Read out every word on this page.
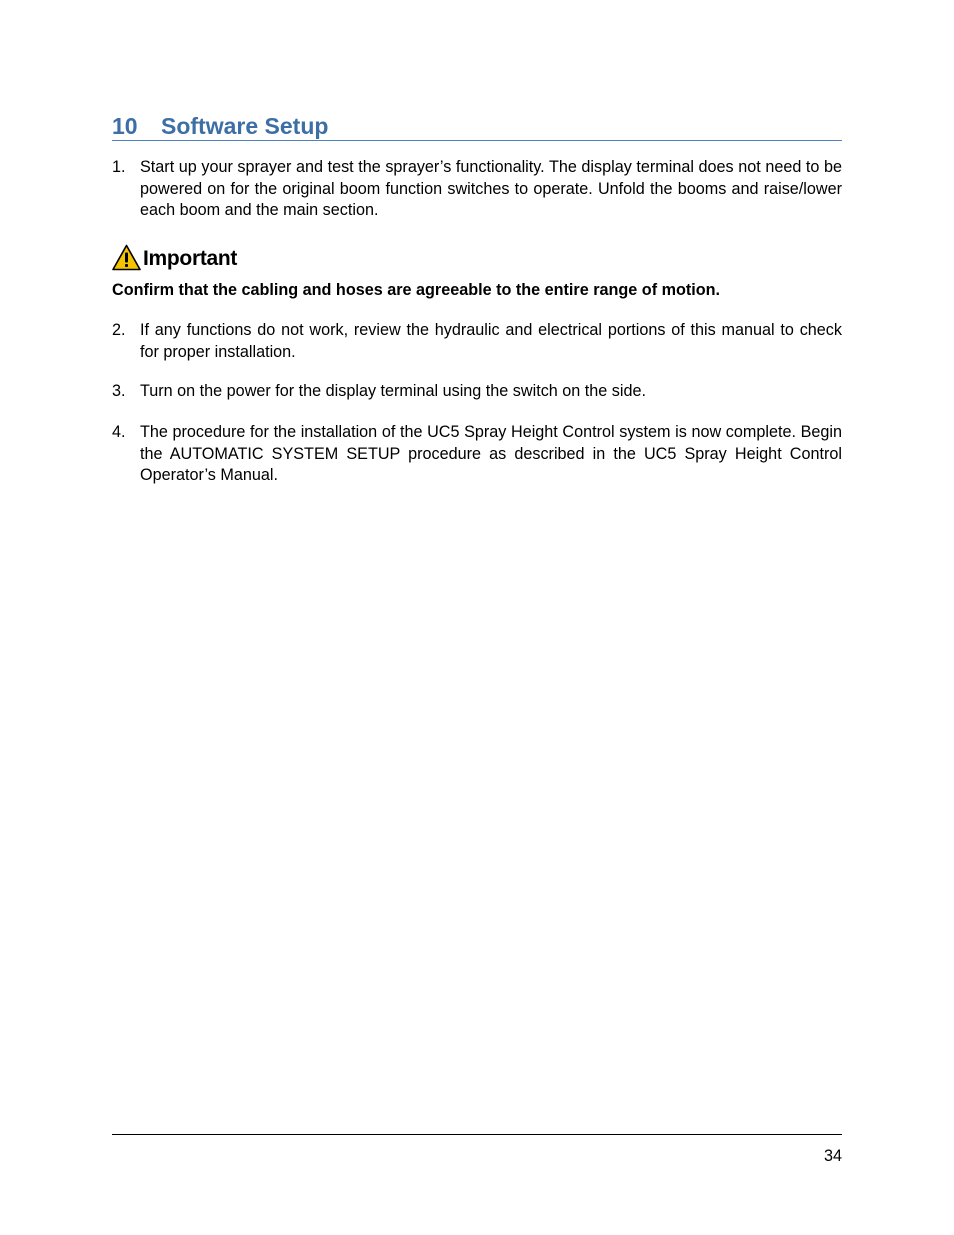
10 Software Setup
1. Start up your sprayer and test the sprayer’s functionality. The display terminal does not need to be powered on for the original boom function switches to operate. Unfold the booms and raise/lower each boom and the main section.
Important
Confirm that the cabling and hoses are agreeable to the entire range of motion.
2. If any functions do not work, review the hydraulic and electrical portions of this manual to check for proper installation.
3. Turn on the power for the display terminal using the switch on the side.
4. The procedure for the installation of the UC5 Spray Height Control system is now complete. Begin the AUTOMATIC SYSTEM SETUP procedure as described in the UC5 Spray Height Control Operator’s Manual.
34
